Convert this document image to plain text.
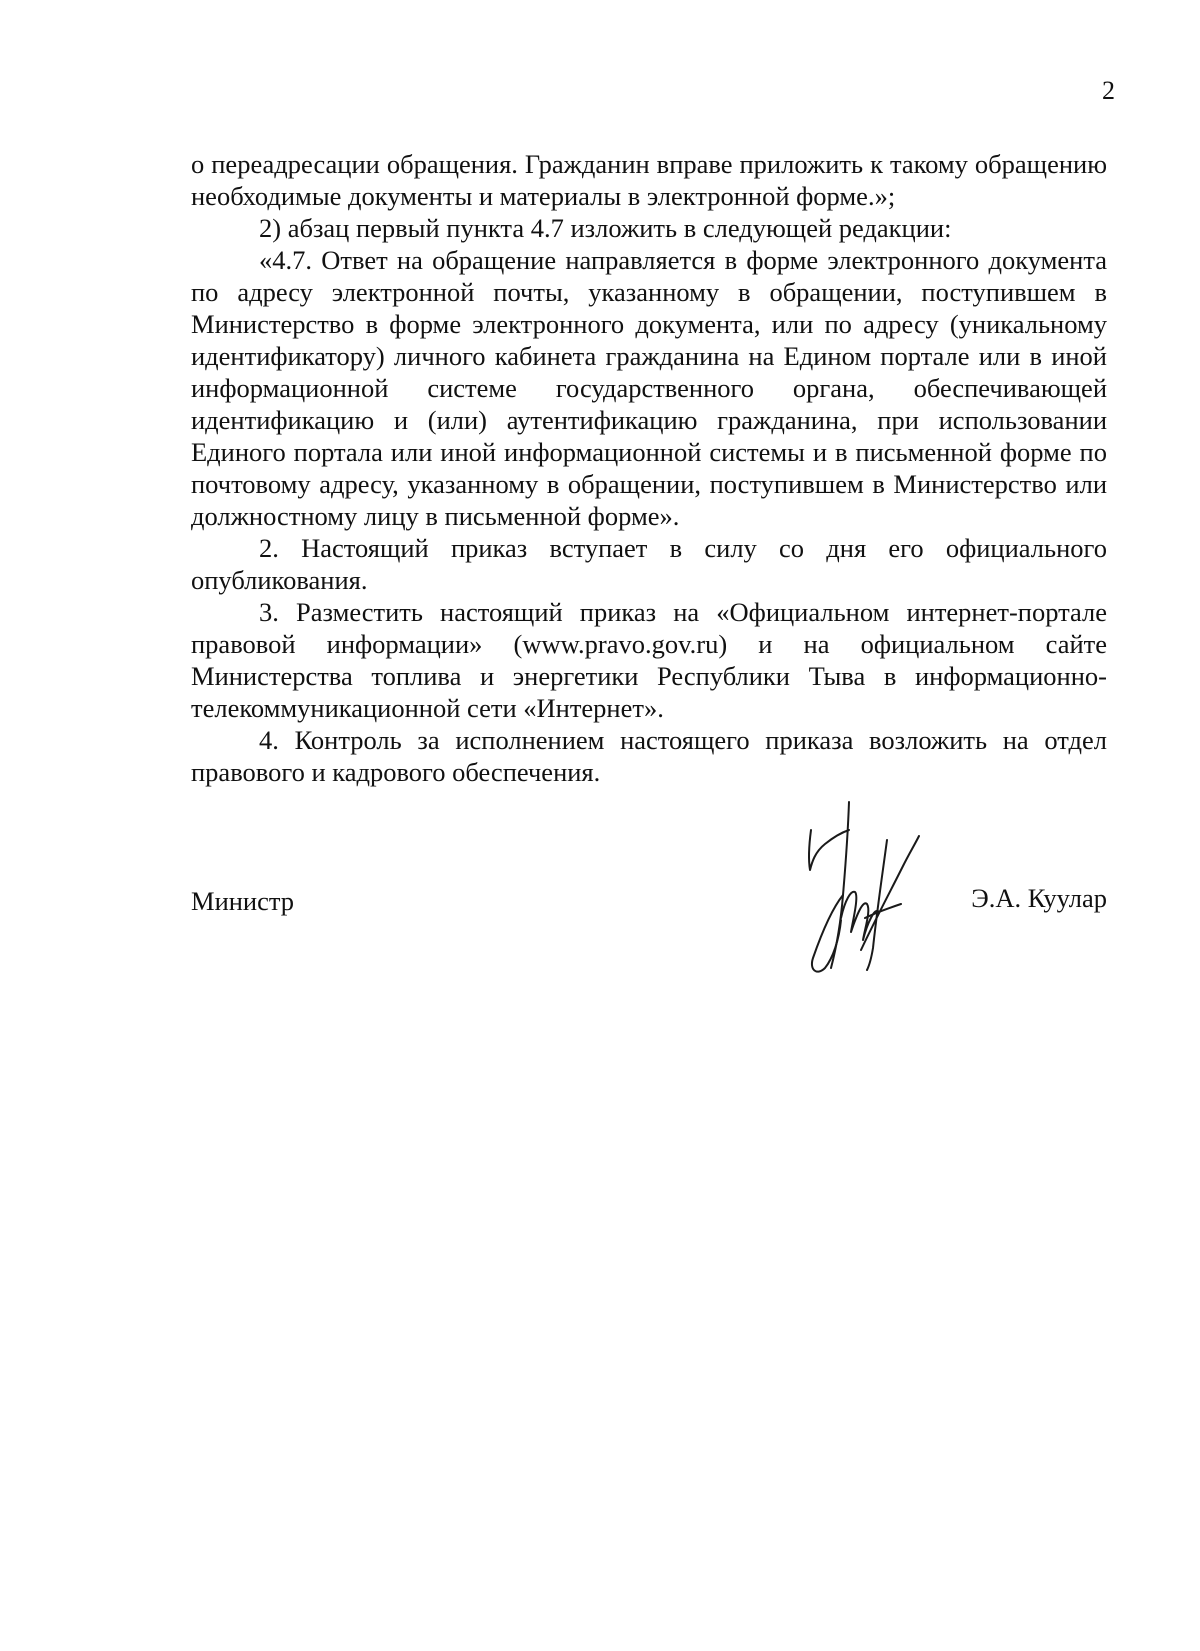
2

о переадресации обращения. Гражданин вправе приложить к такому обращению необходимые документы и материалы в электронной форме.»;

2) абзац первый пункта 4.7 изложить в следующей редакции:

«4.7. Ответ на обращение направляется в форме электронного документа по адресу электронной почты, указанному в обращении, поступившем в Министерство в форме электронного документа, или по адресу (уникальному идентификатору) личного кабинета гражданина на Едином портале или в иной информационной системе государственного органа, обеспечивающей идентификацию и (или) аутентификацию гражданина, при использовании Единого портала или иной информационной системы и в письменной форме по почтовому адресу, указанному в обращении, поступившем в Министерство или должностному лицу в письменной форме».

2. Настоящий приказ вступает в силу со дня его официального опубликования.

3. Разместить настоящий приказ на «Официальном интернет-портале правовой информации» (www.pravo.gov.ru) и на официальном сайте Министерства топлива и энергетики Республики Тыва в информационно-телекоммуникационной сети «Интернет».

4. Контроль за исполнением настоящего приказа возложить на отдел правового и кадрового обеспечения.

Министр	Э.А. Куулар
